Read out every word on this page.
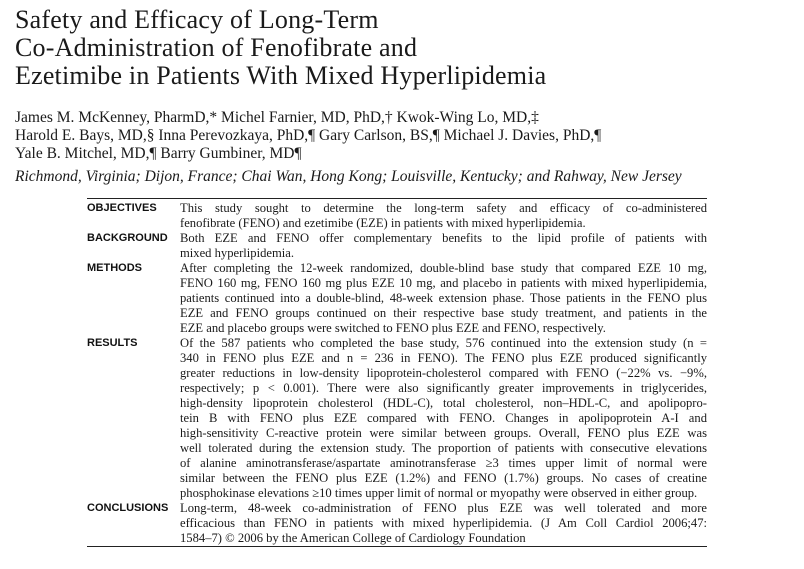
Safety and Efficacy of Long-Term
Co-Administration of Fenofibrate and
Ezetimibe in Patients With Mixed Hyperlipidemia
James M. McKenney, PharmD,* Michel Farnier, MD, PhD,† Kwok-Wing Lo, MD,‡
Harold E. Bays, MD,§ Inna Perevozkaya, PhD,¶ Gary Carlson, BS,¶ Michael J. Davies, PhD,¶
Yale B. Mitchel, MD,¶ Barry Gumbiner, MD¶
Richmond, Virginia; Dijon, France; Chai Wan, Hong Kong; Louisville, Kentucky; and Rahway, New Jersey
OBJECTIVES	This study sought to determine the long-term safety and efficacy of co-administered
fenofibrate (FENO) and ezetimibe (EZE) in patients with mixed hyperlipidemia.
BACKGROUND Both EZE and FENO offer complementary benefits to the lipid profile of patients with
mixed hyperlipidemia.
METHODS	After completing the 12-week randomized, double-blind base study that compared EZE 10 mg,
FENO 160 mg, FENO 160 mg plus EZE 10 mg, and placebo in patients with mixed hyperlipidemia,
patients continued into a double-blind, 48-week extension phase. Those patients in the FENO plus
EZE and FENO groups continued on their respective base study treatment, and patients in the
EZE and placebo groups were switched to FENO plus EZE and FENO, respectively.
RESULTS	Of the 587 patients who completed the base study, 576 continued into the extension study (n =
340 in FENO plus EZE and n = 236 in FENO). The FENO plus EZE produced significantly
greater reductions in low-density lipoprotein-cholesterol compared with FENO (−22% vs. −9%,
respectively; p < 0.001). There were also significantly greater improvements in triglycerides,
high-density lipoprotein cholesterol (HDL-C), total cholesterol, non–HDL-C, and apolipopro-
tein B with FENO plus EZE compared with FENO. Changes in apolipoprotein A-I and
high-sensitivity C-reactive protein were similar between groups. Overall, FENO plus EZE was
well tolerated during the extension study. The proportion of patients with consecutive elevations
of alanine aminotransferase/aspartate aminotransferase ≥3 times upper limit of normal were
similar between the FENO plus EZE (1.2%) and FENO (1.7%) groups. No cases of creatine
phosphokinase elevations ≥10 times upper limit of normal or myopathy were observed in either group.
CONCLUSIONS Long-term, 48-week co-administration of FENO plus EZE was well tolerated and more
efficacious than FENO in patients with mixed hyperlipidemia. (J Am Coll Cardiol 2006;47:
1584–7) © 2006 by the American College of Cardiology Foundation
